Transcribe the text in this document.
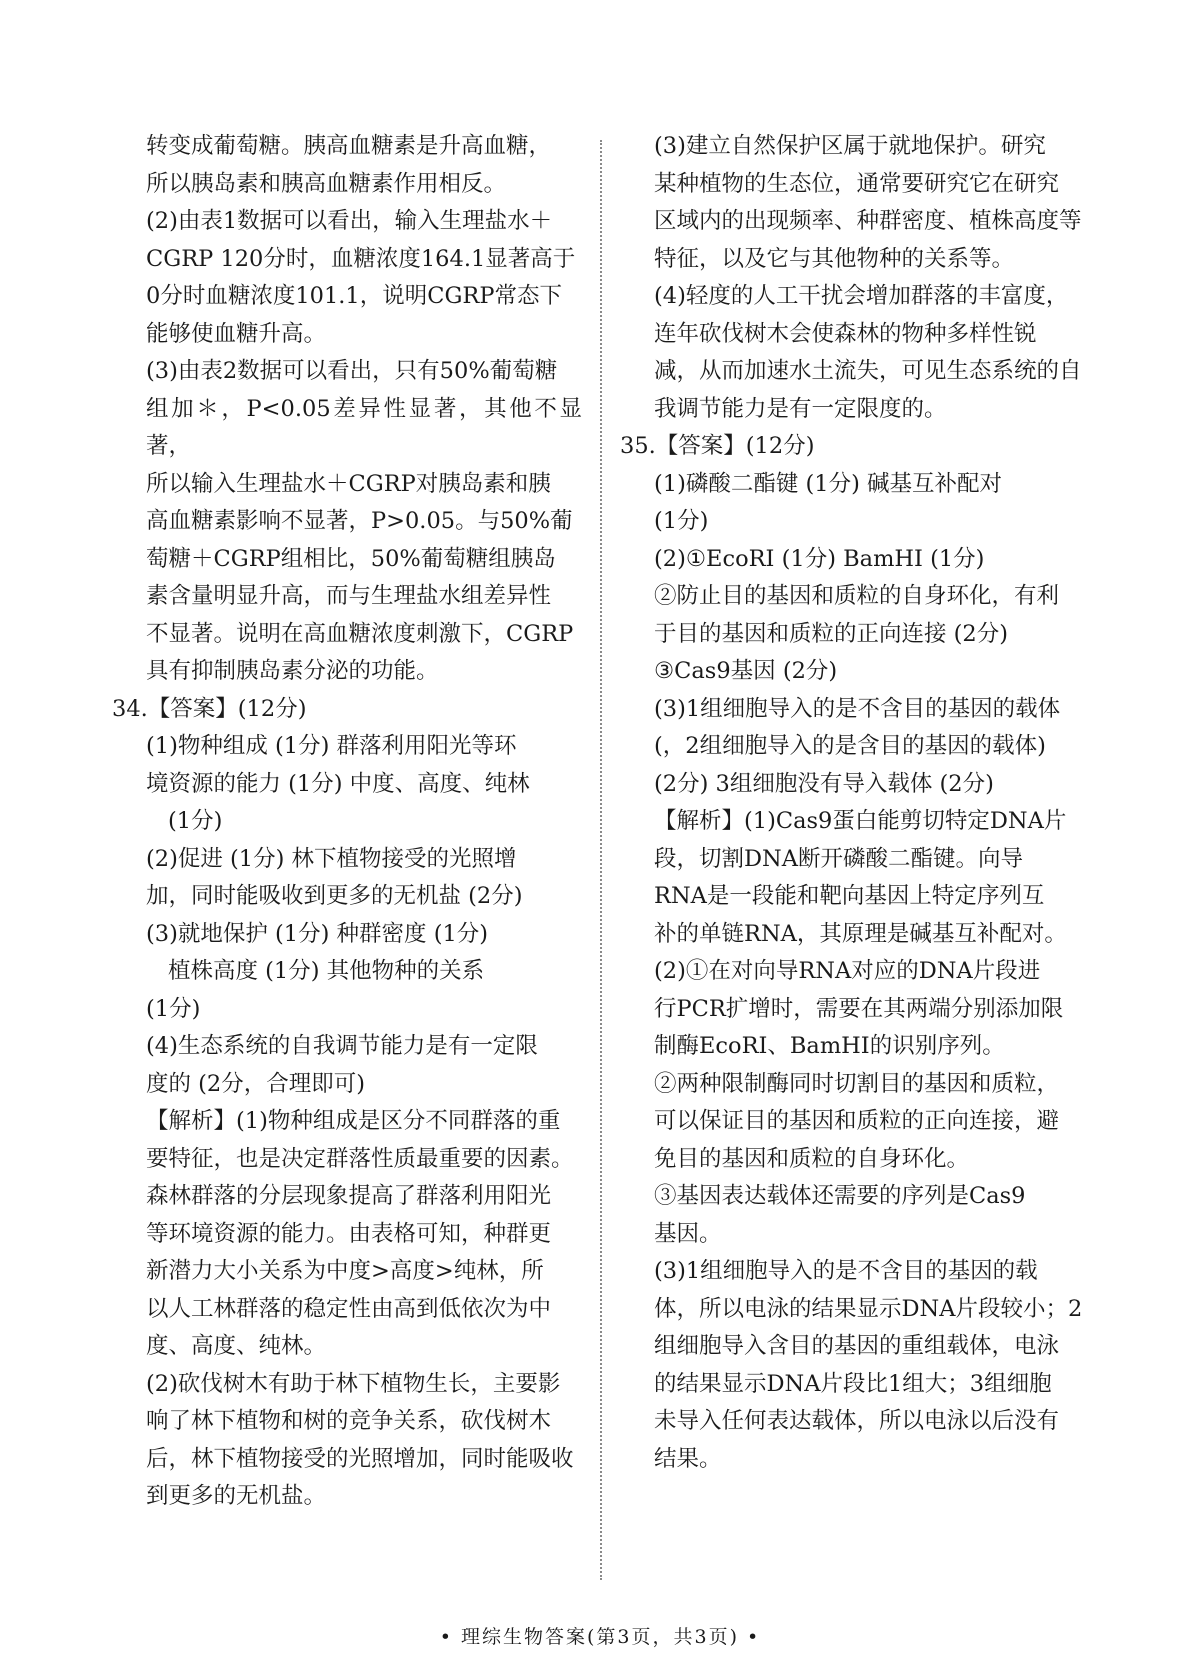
转变成葡萄糖。胰高血糖素是升高血糖，
所以胰岛素和胰高血糖素作用相反。
(2)由表1数据可以看出，输入生理盐水＋
CGRP 120分时，血糖浓度164.1显著高于
0分时血糖浓度101.1，说明CGRP常态下
能够使血糖升高。
(3)由表2数据可以看出，只有50%葡萄糖
组加＊，P<0.05差异性显著，其他不显著，
所以输入生理盐水＋CGRP对胰岛素和胰
高血糖素影响不显著，P>0.05。与50%葡
萄糖＋CGRP组相比，50%葡萄糖组胰岛
素含量明显升高，而与生理盐水组差异性
不显著。说明在高血糖浓度刺激下，CGRP
具有抑制胰岛素分泌的功能。
34.【答案】(12分)
(1)物种组成 (1分) 群落利用阳光等环
境资源的能力 (1分) 中度、高度、纯林
(1分)
(2)促进 (1分) 林下植物接受的光照增
加，同时能吸收到更多的无机盐 (2分)
(3)就地保护 (1分) 种群密度 (1分)
植株高度 (1分) 其他物种的关系
(1分)
(4)生态系统的自我调节能力是有一定限
度的 (2分，合理即可)
【解析】(1)物种组成是区分不同群落的重
要特征，也是决定群落性质最重要的因素。
森林群落的分层现象提高了群落利用阳光
等环境资源的能力。由表格可知，种群更
新潜力大小关系为中度>高度>纯林，所
以人工林群落的稳定性由高到低依次为中
度、高度、纯林。
(2)砍伐树木有助于林下植物生长，主要影
响了林下植物和树的竞争关系，砍伐树木
后，林下植物接受的光照增加，同时能吸收
到更多的无机盐。
(3)建立自然保护区属于就地保护。研究
某种植物的生态位，通常要研究它在研究
区域内的出现频率、种群密度、植株高度等
特征，以及它与其他物种的关系等。
(4)轻度的人工干扰会增加群落的丰富度，
连年砍伐树木会使森林的物种多样性锐
减，从而加速水土流失，可见生态系统的自
我调节能力是有一定限度的。
35.【答案】(12分)
(1)磷酸二酯键 (1分) 碱基互补配对
(1分)
(2)①EcoRⅠ (1分) BamHⅠ (1分)
②防止目的基因和质粒的自身环化，有利
于目的基因和质粒的正向连接 (2分)
③Cas9基因 (2分)
(3)1组细胞导入的是不含目的基因的载体
(，2组细胞导入的是含目的基因的载体)
(2分) 3组细胞没有导入载体 (2分)
【解析】(1)Cas9蛋白能剪切特定DNA片
段，切割DNA断开磷酸二酯键。向导
RNA是一段能和靶向基因上特定序列互
补的单链RNA，其原理是碱基互补配对。
(2)①在对向导RNA对应的DNA片段进
行PCR扩增时，需要在其两端分别添加限
制酶EcoRⅠ、BamHⅠ的识别序列。
②两种限制酶同时切割目的基因和质粒，
可以保证目的基因和质粒的正向连接，避
免目的基因和质粒的自身环化。
③基因表达载体还需要的序列是Cas9
基因。
(3)1组细胞导入的是不含目的基因的载
体，所以电泳的结果显示DNA片段较小；2
组细胞导入含目的基因的重组载体，电泳
的结果显示DNA片段比1组大；3组细胞
未导入任何表达载体，所以电泳以后没有
结果。
• 理综生物答案(第3页，共3页) •
